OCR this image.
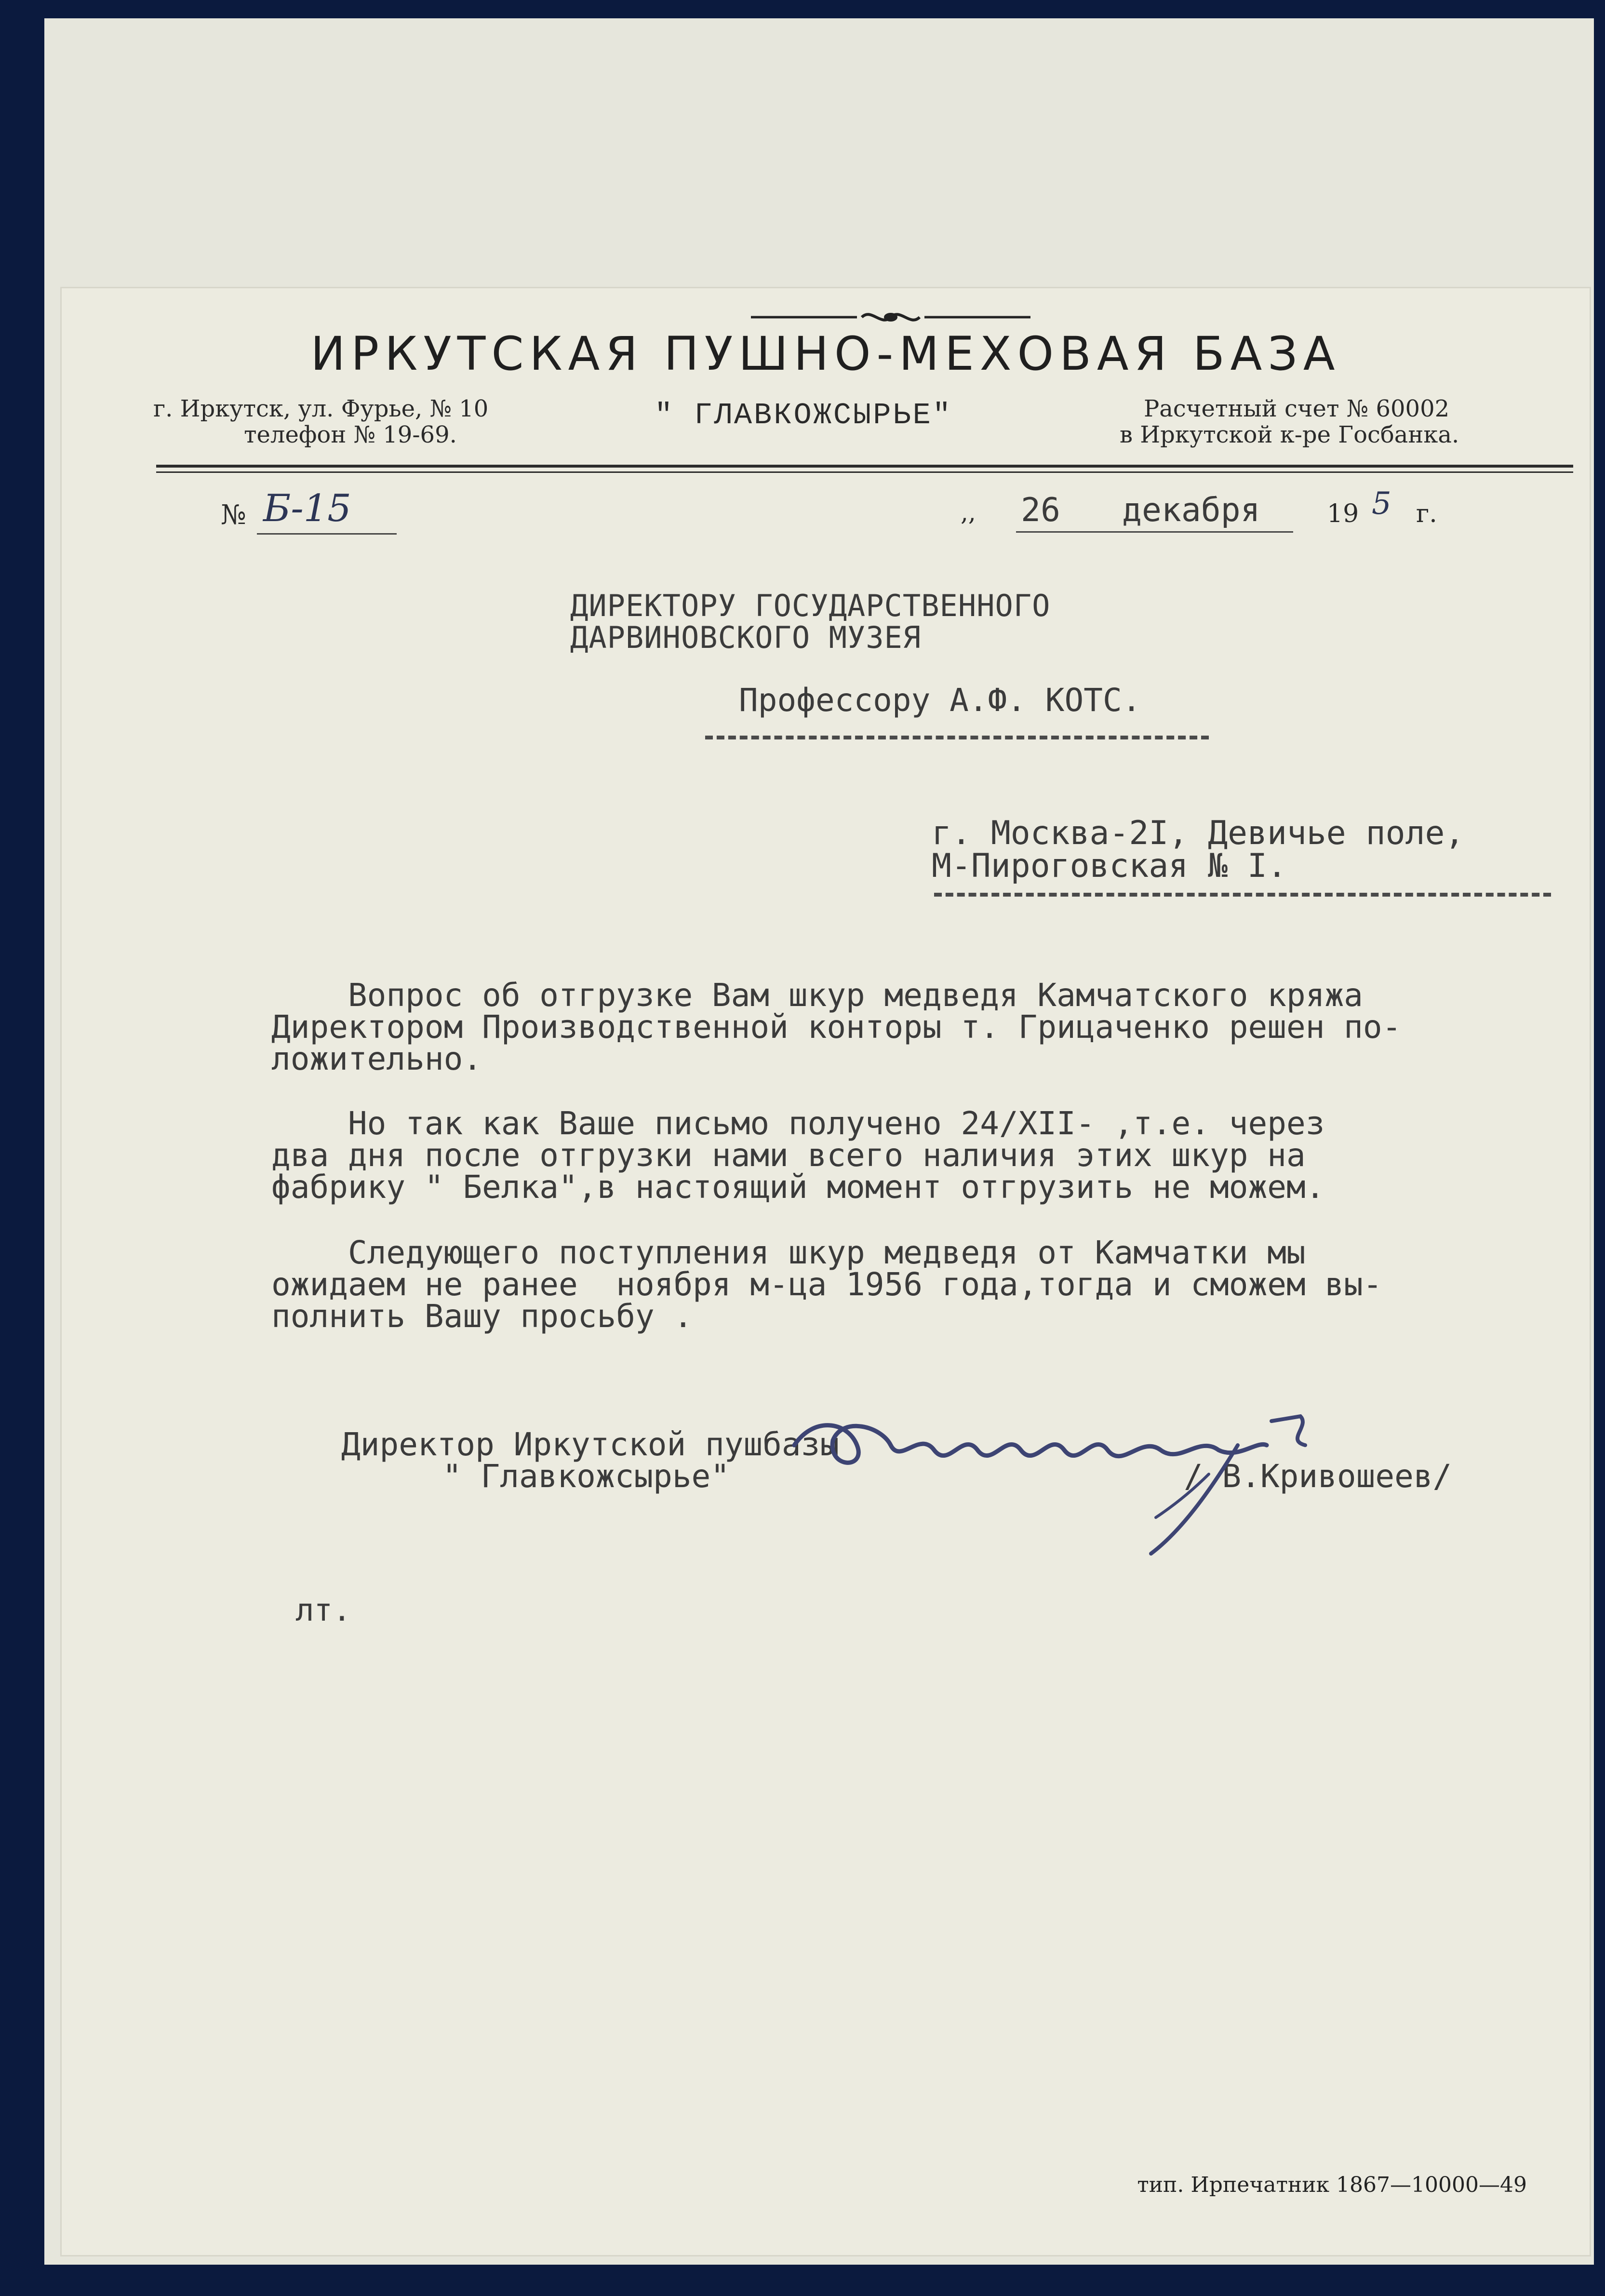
ИРКУТСКАЯ ПУШНО-МЕХОВАЯ БАЗА
г. Иркутск, ул. Фурье, № 10
телефон № 19-69.
" ГЛАВКОЖСЫРЬЕ"	Расчетный счет № 60002
в Иркутской к-ре Госбанка.
№ Б-15	,, 26 декабря	19 5 г.
ДИРЕКТОРУ ГОСУДАРСТВЕННОГО
ДАРВИНОВСКОГО МУЗЕЯ
Профессору А.Ф. КОТС.
г. Москва-2I, Девичье поле,
М-Пироговская № I.
Вопрос об отгрузке Вам шкур медведя Камчатского кряжа
Директором Производственной конторы т. Грицаченко решен по-
ложительно.
Но так как Ваше письмо получено 24/XII- ,т.е. через
два дня после отгрузки нами всего наличия этих шкур на
фабрику " Белка",в настоящий момент отгрузить не можем.
Следующего поступления шкур медведя от Камчатки мы
ожидаем не ранее  ноября м-ца 1956 года,тогда и сможем вы-
полнить Вашу просьбу .
Директор Иркутской пушбазы
" Главкожсырье"	/ В.Кривошеев/
лт.
тип. Ирпечатник 1867—10000—49
